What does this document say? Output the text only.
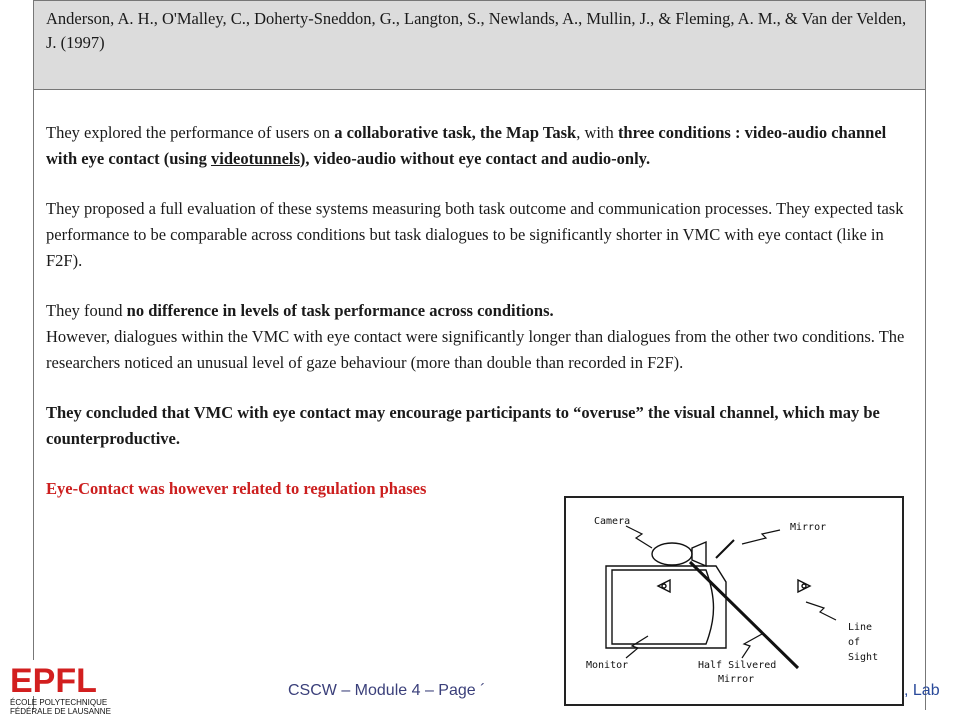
Anderson, A. H., O'Malley, C., Doherty-Sneddon, G., Langton, S., Newlands, A., Mullin, J., & Fleming, A. M., & Van der Velden, J. (1997)

They explored the performance of users on a collaborative task, the Map Task, with three conditions : video-audio channel with eye contact (using videotunnels), video-audio without eye contact and audio-only.

They proposed a full evaluation of these systems measuring both task outcome and communication processes. They expected task performance to be comparable across conditions but task dialogues to be significantly shorter in VMC with eye contact (like in F2F).

They found no difference in levels of task performance across conditions.
However, dialogues within the VMC with eye contact were significantly longer than dialogues from the other two conditions. The researchers noticed an unusual level of gaze behaviour (more than double than recorded in F2F).

They concluded that VMC with eye contact may encourage participants to “overuse” the visual channel, which may be counterproductive.

Eye-Contact was however related to regulation phases

Camera
Mirror
Line
of
Sight
Monitor	Half Silvered
Mirror
EPFL
ÉCOLE POLYTECHNIQUE
FÉDÉRALE DE LAUSANNE
CSCW – Module 4 – Page ´	, Lab
